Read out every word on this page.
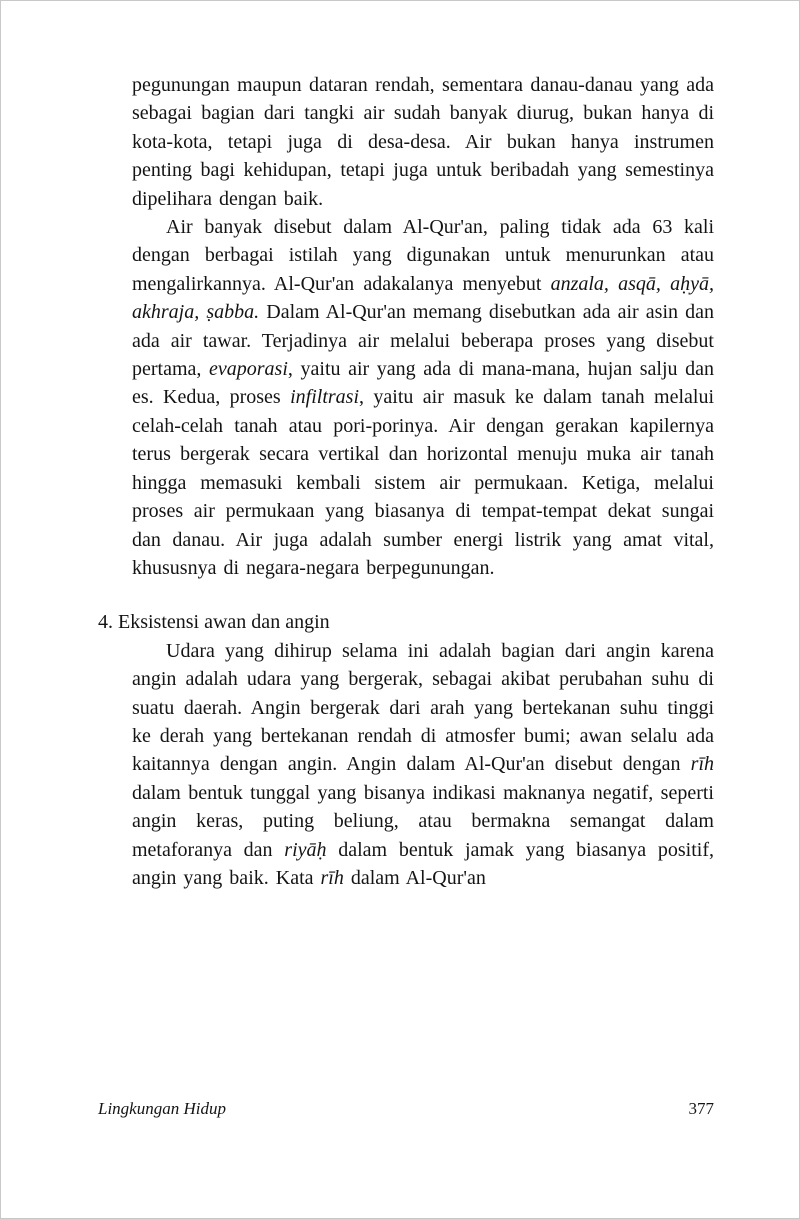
pegunungan maupun dataran rendah, sementara danau-danau yang ada sebagai bagian dari tangki air sudah banyak diurug, bukan hanya di kota-kota, tetapi juga di desa-desa. Air bukan hanya instrumen penting bagi kehidupan, tetapi juga untuk beribadah yang semestinya dipelihara dengan baik.

Air banyak disebut dalam Al-Qur'an, paling tidak ada 63 kali dengan berbagai istilah yang digunakan untuk menurunkan atau mengalirkannya. Al-Qur'an adakalanya menyebut anzala, asqā, aḥyā, akhraja, ṣabba. Dalam Al-Qur'an memang disebutkan ada air asin dan ada air tawar. Terjadinya air melalui beberapa proses yang disebut pertama, evaporasi, yaitu air yang ada di mana-mana, hujan salju dan es. Kedua, proses infiltrasi, yaitu air masuk ke dalam tanah melalui celah-celah tanah atau pori-porinya. Air dengan gerakan kapilernya terus bergerak secara vertikal dan horizontal menuju muka air tanah hingga memasuki kembali sistem air permukaan. Ketiga, melalui proses air permukaan yang biasanya di tempat-tempat dekat sungai dan danau. Air juga adalah sumber energi listrik yang amat vital, khususnya di negara-negara berpegunungan.

4. Eksistensi awan dan angin

Udara yang dihirup selama ini adalah bagian dari angin karena angin adalah udara yang bergerak, sebagai akibat perubahan suhu di suatu daerah. Angin bergerak dari arah yang bertekanan suhu tinggi ke derah yang bertekanan rendah di atmosfer bumi; awan selalu ada kaitannya dengan angin. Angin dalam Al-Qur'an disebut dengan rīh dalam bentuk tunggal yang bisanya indikasi maknanya negatif, seperti angin keras, puting beliung, atau bermakna semangat dalam metaforanya dan riyāḥ dalam bentuk jamak yang biasanya positif, angin yang baik. Kata rīh dalam Al-Qur'an

Lingkungan Hidup	377
